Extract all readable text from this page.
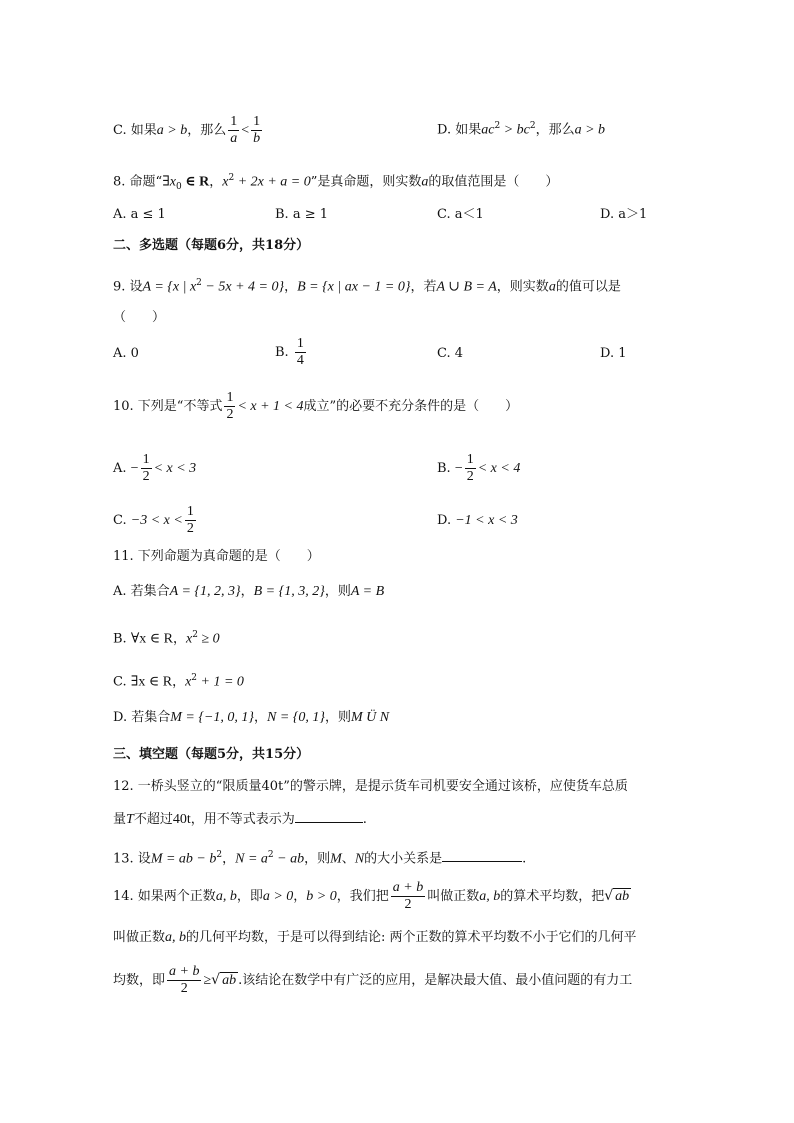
C. 如果a > b，那么 $\frac{1}{a} < \frac{1}{b}$	D. 如果$ac^2 > bc^2$，那么a > b
8. 命题“$\exists x_0$ ∈ R，$x^2 + 2x + a = 0$”是真命题，则实数a的取值范围是（　　）
A. a ≤ 1	B. a ≥ 1	C. a＜1	D. a＞1
二、多选题（每题6分，共18分）
9. 设A = {x | $x^2 - 5x + 4 = 0$}，B = {x | ax − 1 = 0}，若A ∪ B = A，则实数a的值可以是
（　　）
A. 0	B. $\frac{1}{4}$	C. 4	D. 1
10. 下列是“不等式 $\frac{1}{2} < x + 1 < 4$成立”的必要不充分条件的是（　　）
A. − $\frac{1}{2} < x < 3$	B. − $\frac{1}{2} < x < 4$
C. $-3 < x < \frac{1}{2}$	D. −1 < x < 3
11. 下列命题为真命题的是（　　）
A. 若集合A = {1, 2, 3}，B = {1, 3, 2}，则A = B
B. ∀x ∈ R，$x^2 \ge 0$
C. ∃x ∈ R，$x^2 + 1 = 0$
D. 若集合M = {−1, 0, 1}，N = {0, 1}，则M Ü N
三、填空题（每题5分，共15分）
12. 一桥头竖立的“限质量40t”的警示牌，是提示货车司机要安全通过该桥，应使货车总质
量T不超过40t，用不等式表示为	.
13. 设M = ab − $b^2$，$N = a^2$ − ab，则M、N的大小关系是	.
14. 如果两个正数a, b，即a > 0，b > 0，我们把 $\frac{a + b}{2}$ 叫做正数a, b的算术平均数，把√ ab
叫做正数a, b的几何平均数，于是可以得到结论: 两个正数的算术平均数不小于它们的几何平
均数，即 $\frac{a + b}{2}$ ≥√ ab .该结论在数学中有广泛的应用，是解决最大值、最小值问题的有力工
